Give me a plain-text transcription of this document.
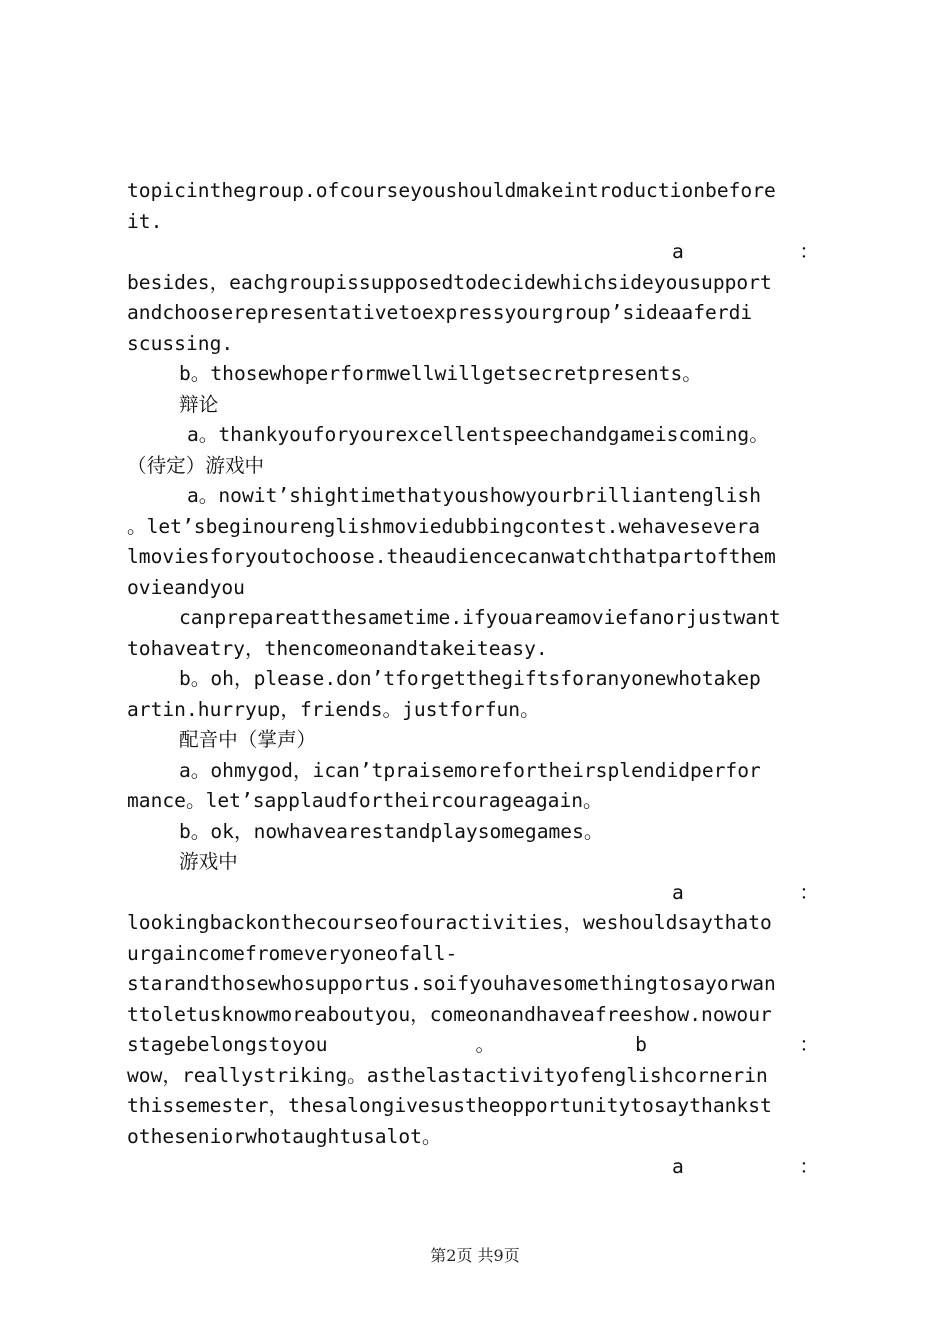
topicinthegroup.ofcourseyoushouldmakeintroductionbefore
it.
a	：
besides，eachgroupissupposedtodecidewhichsideyousupport
andchooserepresentativetoexpressyourgroup’sideaaferdi
scussing.
b。thosewhoperformwellwillgetsecretpresents。
辩论
a。thankyouforyourexcellentspeechandgameiscoming。
（待定）游戏中
a。nowit’shightimethatyoushowyourbrilliantenglish
。let’sbeginourenglishmoviedubbingcontest.wehavesevera
lmoviesforyoutochoose.theaudiencecanwatchthatpartofthem
ovieandyou
canprepareatthesametime.ifyouareamoviefanorjustwant
tohaveatry，thencomeonandtakeiteasy.
b。oh，please.don’tforgetthegiftsforanyonewhotakep
artin.hurryup，friends。justforfun。
配音中（掌声）
a。ohmygod，ican’tpraisemorefortheirsplendidperfor
mance。let’sapplaudfortheircourageagain。
b。ok，nowhavearestandplaysomegames。
游戏中
a	：
lookingbackonthecourseofouractivities，weshouldsaythato
urgaincomefromeveryoneofall-
starandthosewhosupportus.soifyouhavesomethingtosayorwan
ttoletusknowmoreaboutyou，comeonandhaveafreeshow.nowour
stagebelongstoyou	。	b	：
wow，reallystriking。asthelastactivityofenglishcornerin
thissemester，thesalongivesustheopportunitytosaythankst
otheseniorwhotaughtusalot。
a	：
第2页 共9页
